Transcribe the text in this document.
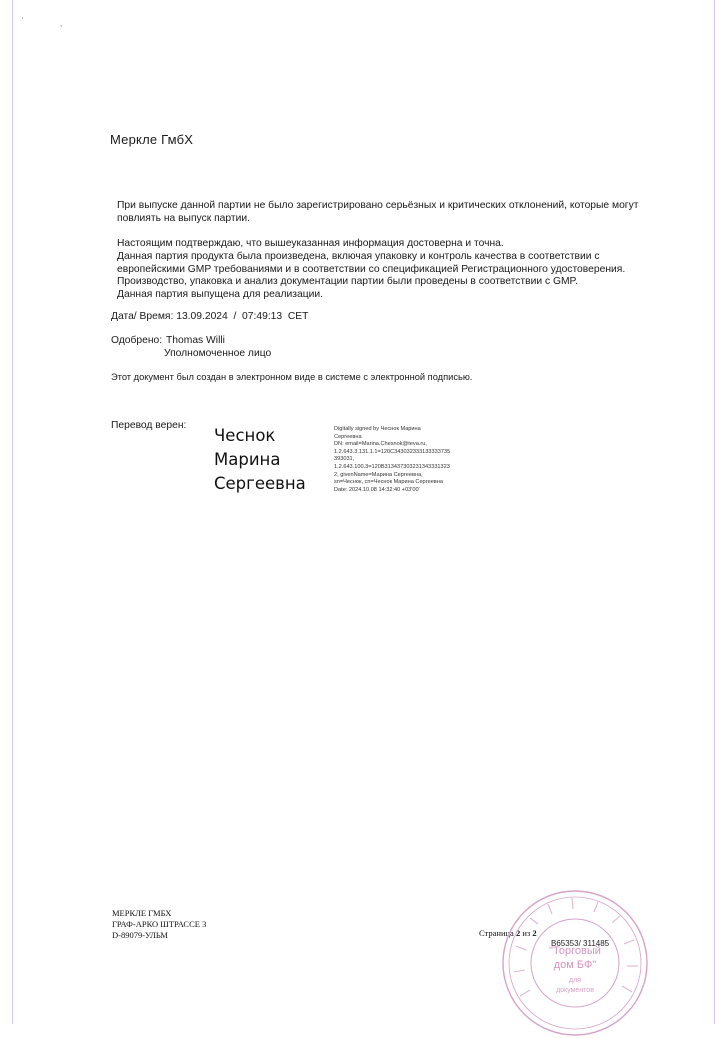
ˈ	ˎ
Меркле ГмбХ
При выпуске данной партии не было зарегистрировано серьёзных и критических отклонений, которые могут
повлиять на выпуск партии.
Настоящим подтверждаю, что вышеуказанная информация достоверна и точна.
Данная партия продукта была произведена, включая упаковку и контроль качества в соответствии с
европейскими GMP требованиями и в соответствии со спецификацией Регистрационного удостоверения.
Производство, упаковка и анализ документации партии были проведены в соответствии с GMP.
Данная партия выпущена для реализации.
Дата/ Время: 13.09.2024  /  07:49:13  CET
Одобрено: Thomas Willi
Уполномоченное лицо
Этот документ был создан в электронном виде в системе с электронной подписью.
Перевод верен:
Чеснок
Марина
Сергеевна
Digitally signed by Чеснок Марина
Сергеевна
DN: email=Marina.Chesnok@teva.ru,
1.2.643.3.131.1.1=120C343032333133333735
393031,
1.2.643.100.3=120B31343730323134333132​3
2, givenName=Марина Сергеевна,
sn=Чеснок, cn=Чеснок Марина Сергеевна
Date: 2024.10.08 14:32:40 +03'00'
МЕРКЛЕ ГМБХ
ГРАФ-АРКО ШТРАССЕ 3
D-89079-УЛЬМ	Страница 2 из 2
"Торговый
дом БФ"
для
документов
B65353/ 311485
